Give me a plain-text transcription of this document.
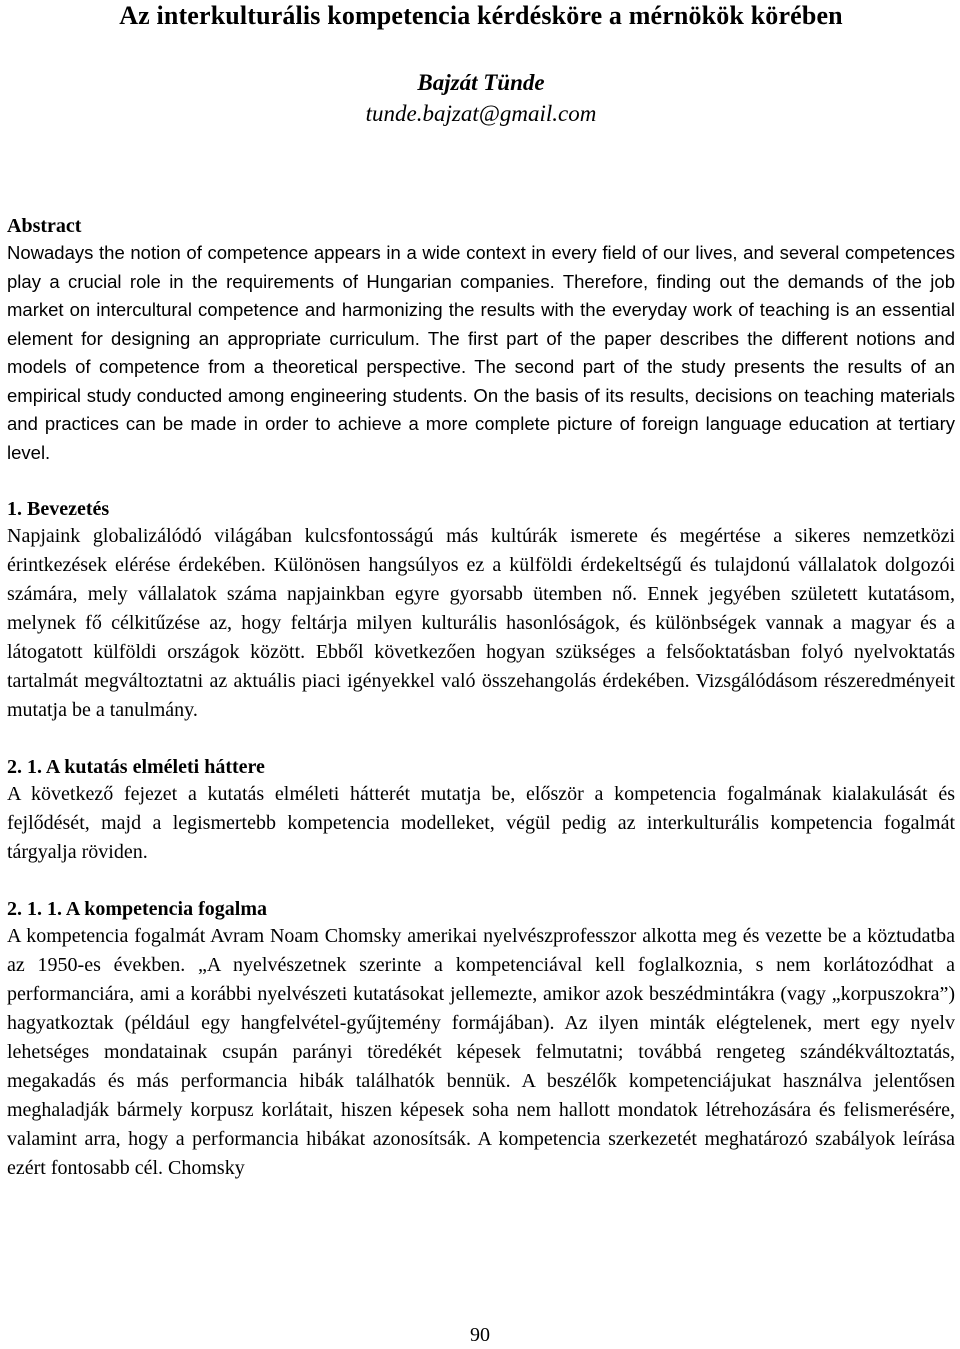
Az interkulturális kompetencia kérdésköre a mérnökök körében
Bajzát Tünde
tunde.bajzat@gmail.com
Abstract

Nowadays the notion of competence appears in a wide context in every field of our lives, and several competences play a crucial role in the requirements of Hungarian companies. Therefore, finding out the demands of the job market on intercultural competence and harmonizing the results with the everyday work of teaching is an essential element for designing an appropriate curriculum. The first part of the paper describes the different notions and models of competence from a theoretical perspective. The second part of the study presents the results of an empirical study conducted among engineering students. On the basis of its results, decisions on teaching materials and practices can be made in order to achieve a more complete picture of foreign language education at tertiary level.

1. Bevezetés

Napjaink globalizálódó világában kulcsfontosságú más kultúrák ismerete és megértése a sikeres nemzetközi érintkezések elérése érdekében. Különösen hangsúlyos ez a külföldi érdekeltségű és tulajdonú vállalatok dolgozói számára, mely vállalatok száma napjainkban egyre gyorsabb ütemben nő. Ennek jegyében született kutatásom, melynek fő célkitűzése az, hogy feltárja milyen kulturális hasonlóságok, és különbségek vannak a magyar és a látogatott külföldi országok között. Ebből következően hogyan szükséges a felsőoktatásban folyó nyelvoktatás tartalmát megváltoztatni az aktuális piaci igényekkel való összehangolás érdekében. Vizsgálódásom részeredményeit mutatja be a tanulmány.

2. 1. A kutatás elméleti háttere

A következő fejezet a kutatás elméleti hátterét mutatja be, először a kompetencia fogalmának kialakulását és fejlődését, majd a legismertebb kompetencia modelleket, végül pedig az interkulturális kompetencia fogalmát tárgyalja röviden.

2. 1. 1. A kompetencia fogalma

A kompetencia fogalmát Avram Noam Chomsky amerikai nyelvészprofesszor alkotta meg és vezette be a köztudatba az 1950-es években. „A nyelvészetnek szerinte a kompetenciával kell foglalkoznia, s nem korlátozódhat a performanciára, ami a korábbi nyelvészeti kutatásokat jellemezte, amikor azok beszédmintákra (vagy „korpuszokra”) hagyatkoztak (például egy hangfelvétel-gyűjtemény formájában). Az ilyen minták elégtelenek, mert egy nyelv lehetséges mondatainak csupán parányi töredékét képesek felmutatni; továbbá rengeteg szándékváltoztatás, megakadás és más performancia hibák találhatók bennük. A beszélők kompetenciájukat használva jelentősen meghaladják bármely korpusz korlátait, hiszen képesek soha nem hallott mondatok létrehozására és felismerésére, valamint arra, hogy a performancia hibákat azonosítsák. A kompetencia szerkezetét meghatározó szabályok leírása ezért fontosabb cél. Chomsky

90
